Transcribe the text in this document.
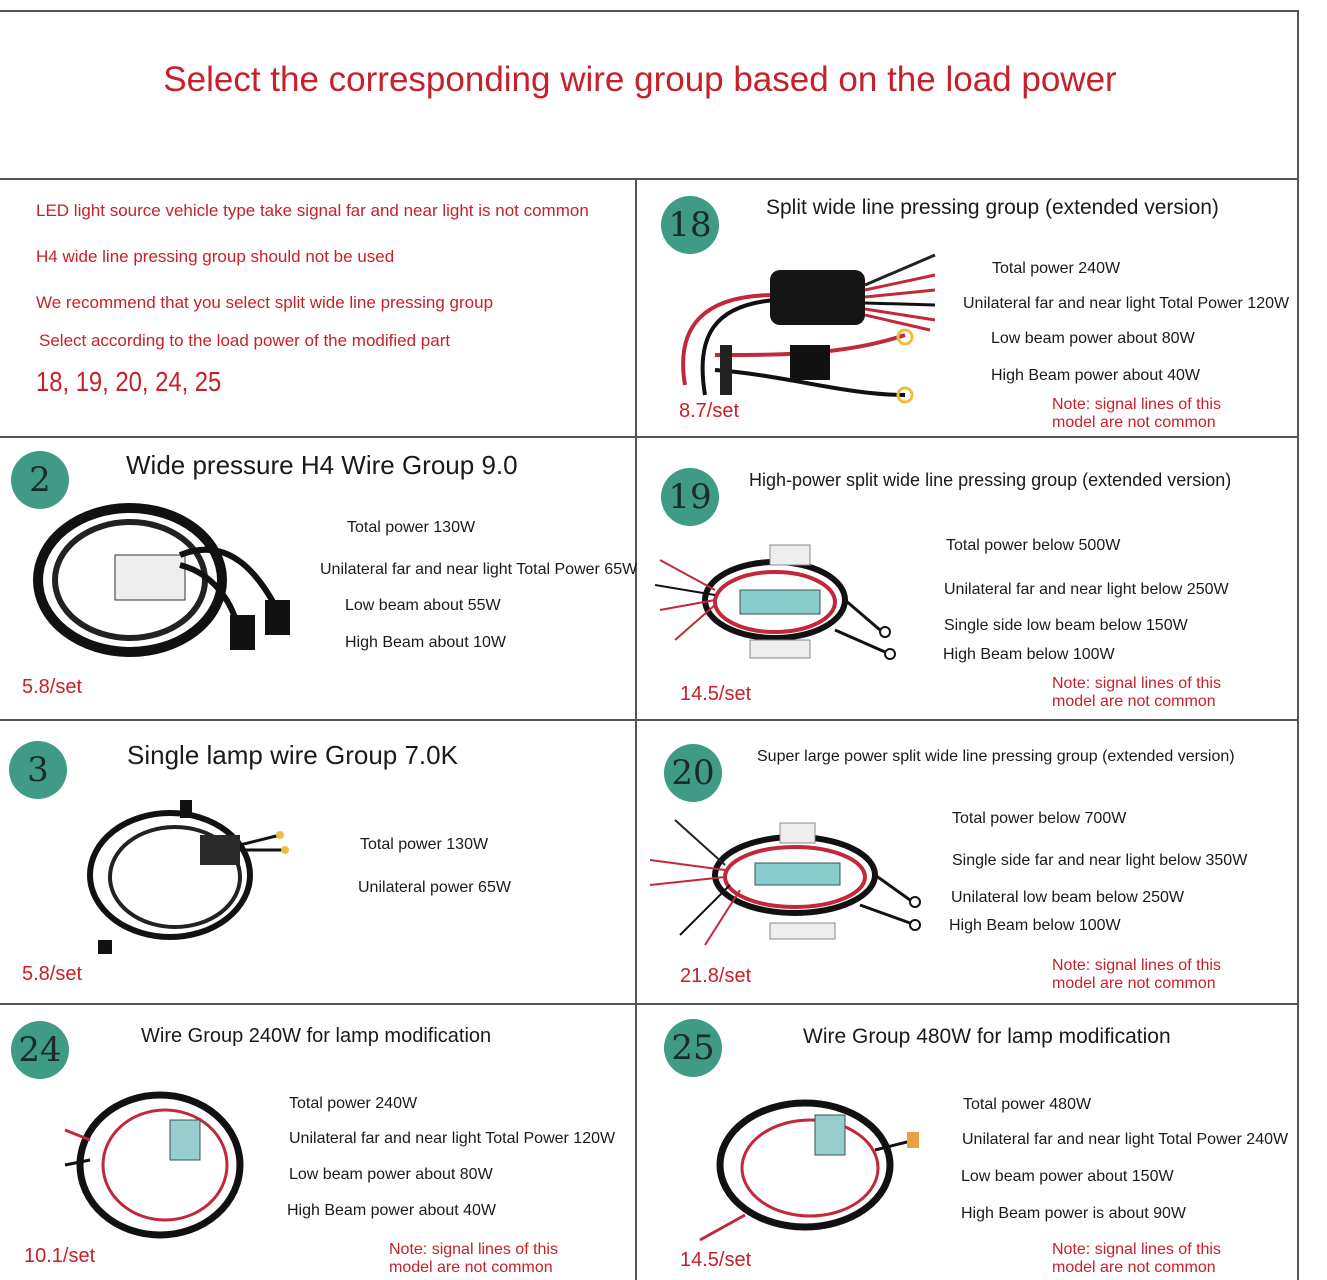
Select the corresponding wire group based on the load power
LED light source vehicle type take signal far and near light is not common
H4 wide line pressing group should not be used
We recommend that you select split wide line pressing group
Select according to the load power of the modified part
18, 19, 20, 24, 25
18	Split wide line pressing group (extended version)
Total power 240W
Unilateral far and near light Total Power 120W
Low beam power about 80W
High Beam power about 40W
Note: signal lines of this
model are not common
8.7/set
2	Wide pressure H4 Wire Group 9.0
Total power 130W
Unilateral far and near light Total Power 65W
Low beam about 55W
High Beam about 10W
5.8/set
19	High-power split wide line pressing group (extended version)
Total power below 500W
Unilateral far and near light below 250W
Single side low beam below 150W
High Beam below 100W
Note: signal lines of this
model are not common
14.5/set
3	Single lamp wire Group 7.0K
Total power 130W
Unilateral power 65W
5.8/set
20	Super large power split wide line pressing group (extended version)
Total power below 700W
Single side far and near light below 350W
Unilateral low beam below 250W
High Beam below 100W
Note: signal lines of this
model are not common
21.8/set
24	Wire Group 240W for lamp modification
Total power 240W
Unilateral far and near light Total Power 120W
Low beam power about 80W
High Beam power about 40W
Note: signal lines of this
model are not common
10.1/set
25	Wire Group 480W for lamp modification
Total power 480W
Unilateral far and near light Total Power 240W
Low beam power about 150W
High Beam power is about 90W
Note: signal lines of this
model are not common
14.5/set
